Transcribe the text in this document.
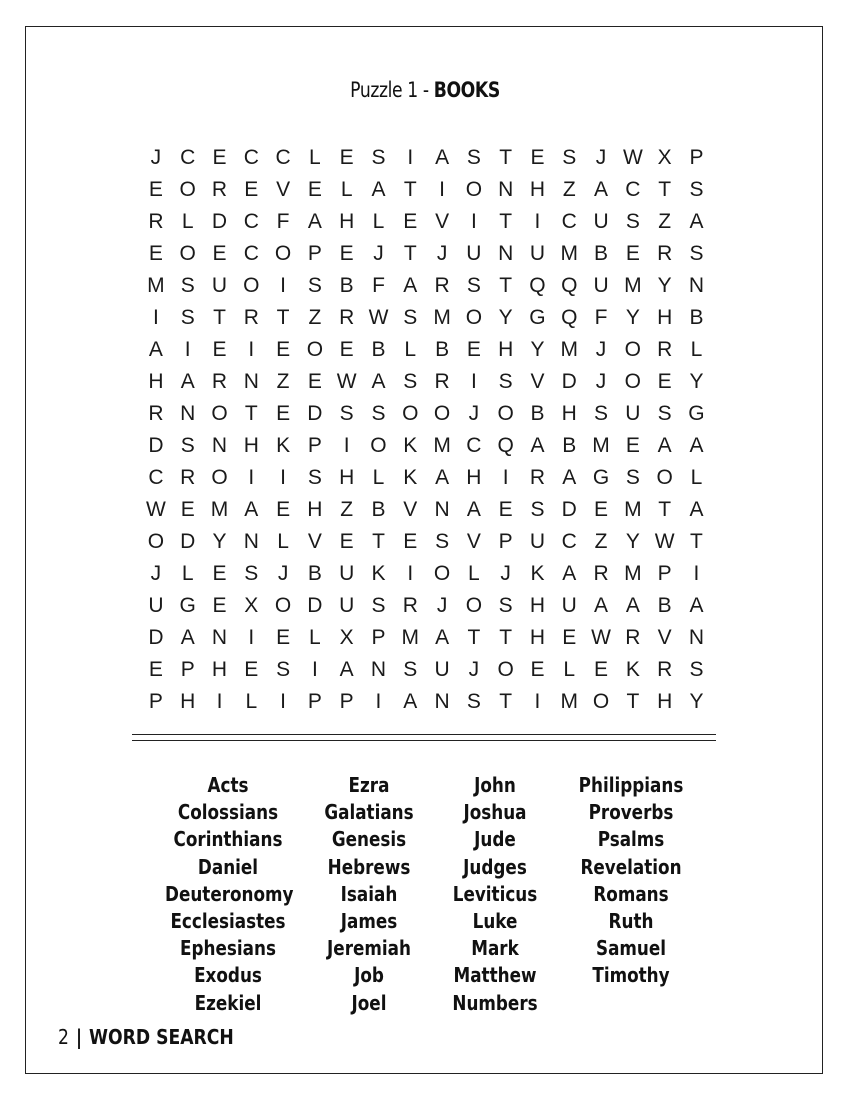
Puzzle 1 - BOOKS
J C E C C L E S	I	A S T E S J W X P
E O R E V E L A T	I O N H Z A C T S
R L D C F A H L E V	I	T	I	C U S Z A
E O E C O P E J T J U N U M B E R S
M S U O I	S B F A R S T Q Q U M Y N
I	S T R T Z R W S M O Y G Q F Y H B
A	I	E	I	E O E B L B E H Y M J O R L
H A R N Z E W A S R	I	S V D J O E Y
R N O T E D S S O O J O B H S U S G
D S N H K P	I O K M C Q A B M E A A
C R O I	I	S H L K A H	I	R A G S O L
W E M A E H Z B V N A E S D E M T A
O D Y N L V E T E S V P U C Z Y W T
J L E S J B U K	I O L J K A R M P	I
U G E X O D U S R J O S H U A A B A
D A N	I	E L X P M A T T H E W R V N
E P H E S	I	A N S U J O E L E K R S
P H	I	L	I	P P	I	A N S T	I M O T H Y
Acts
Colossians
Corinthians
Daniel
Deuteronomy
Ecclesiastes
Ephesians
Exodus
Ezekiel
Ezra
Galatians
Genesis
Hebrews
Isaiah
James
Jeremiah
Job
Joel
John
Joshua
Jude
Judges
Leviticus
Luke
Mark
Matthew
Numbers
Philippians
Proverbs
Psalms
Revelation
Romans
Ruth
Samuel
Timothy
2 | WORD SEARCH
